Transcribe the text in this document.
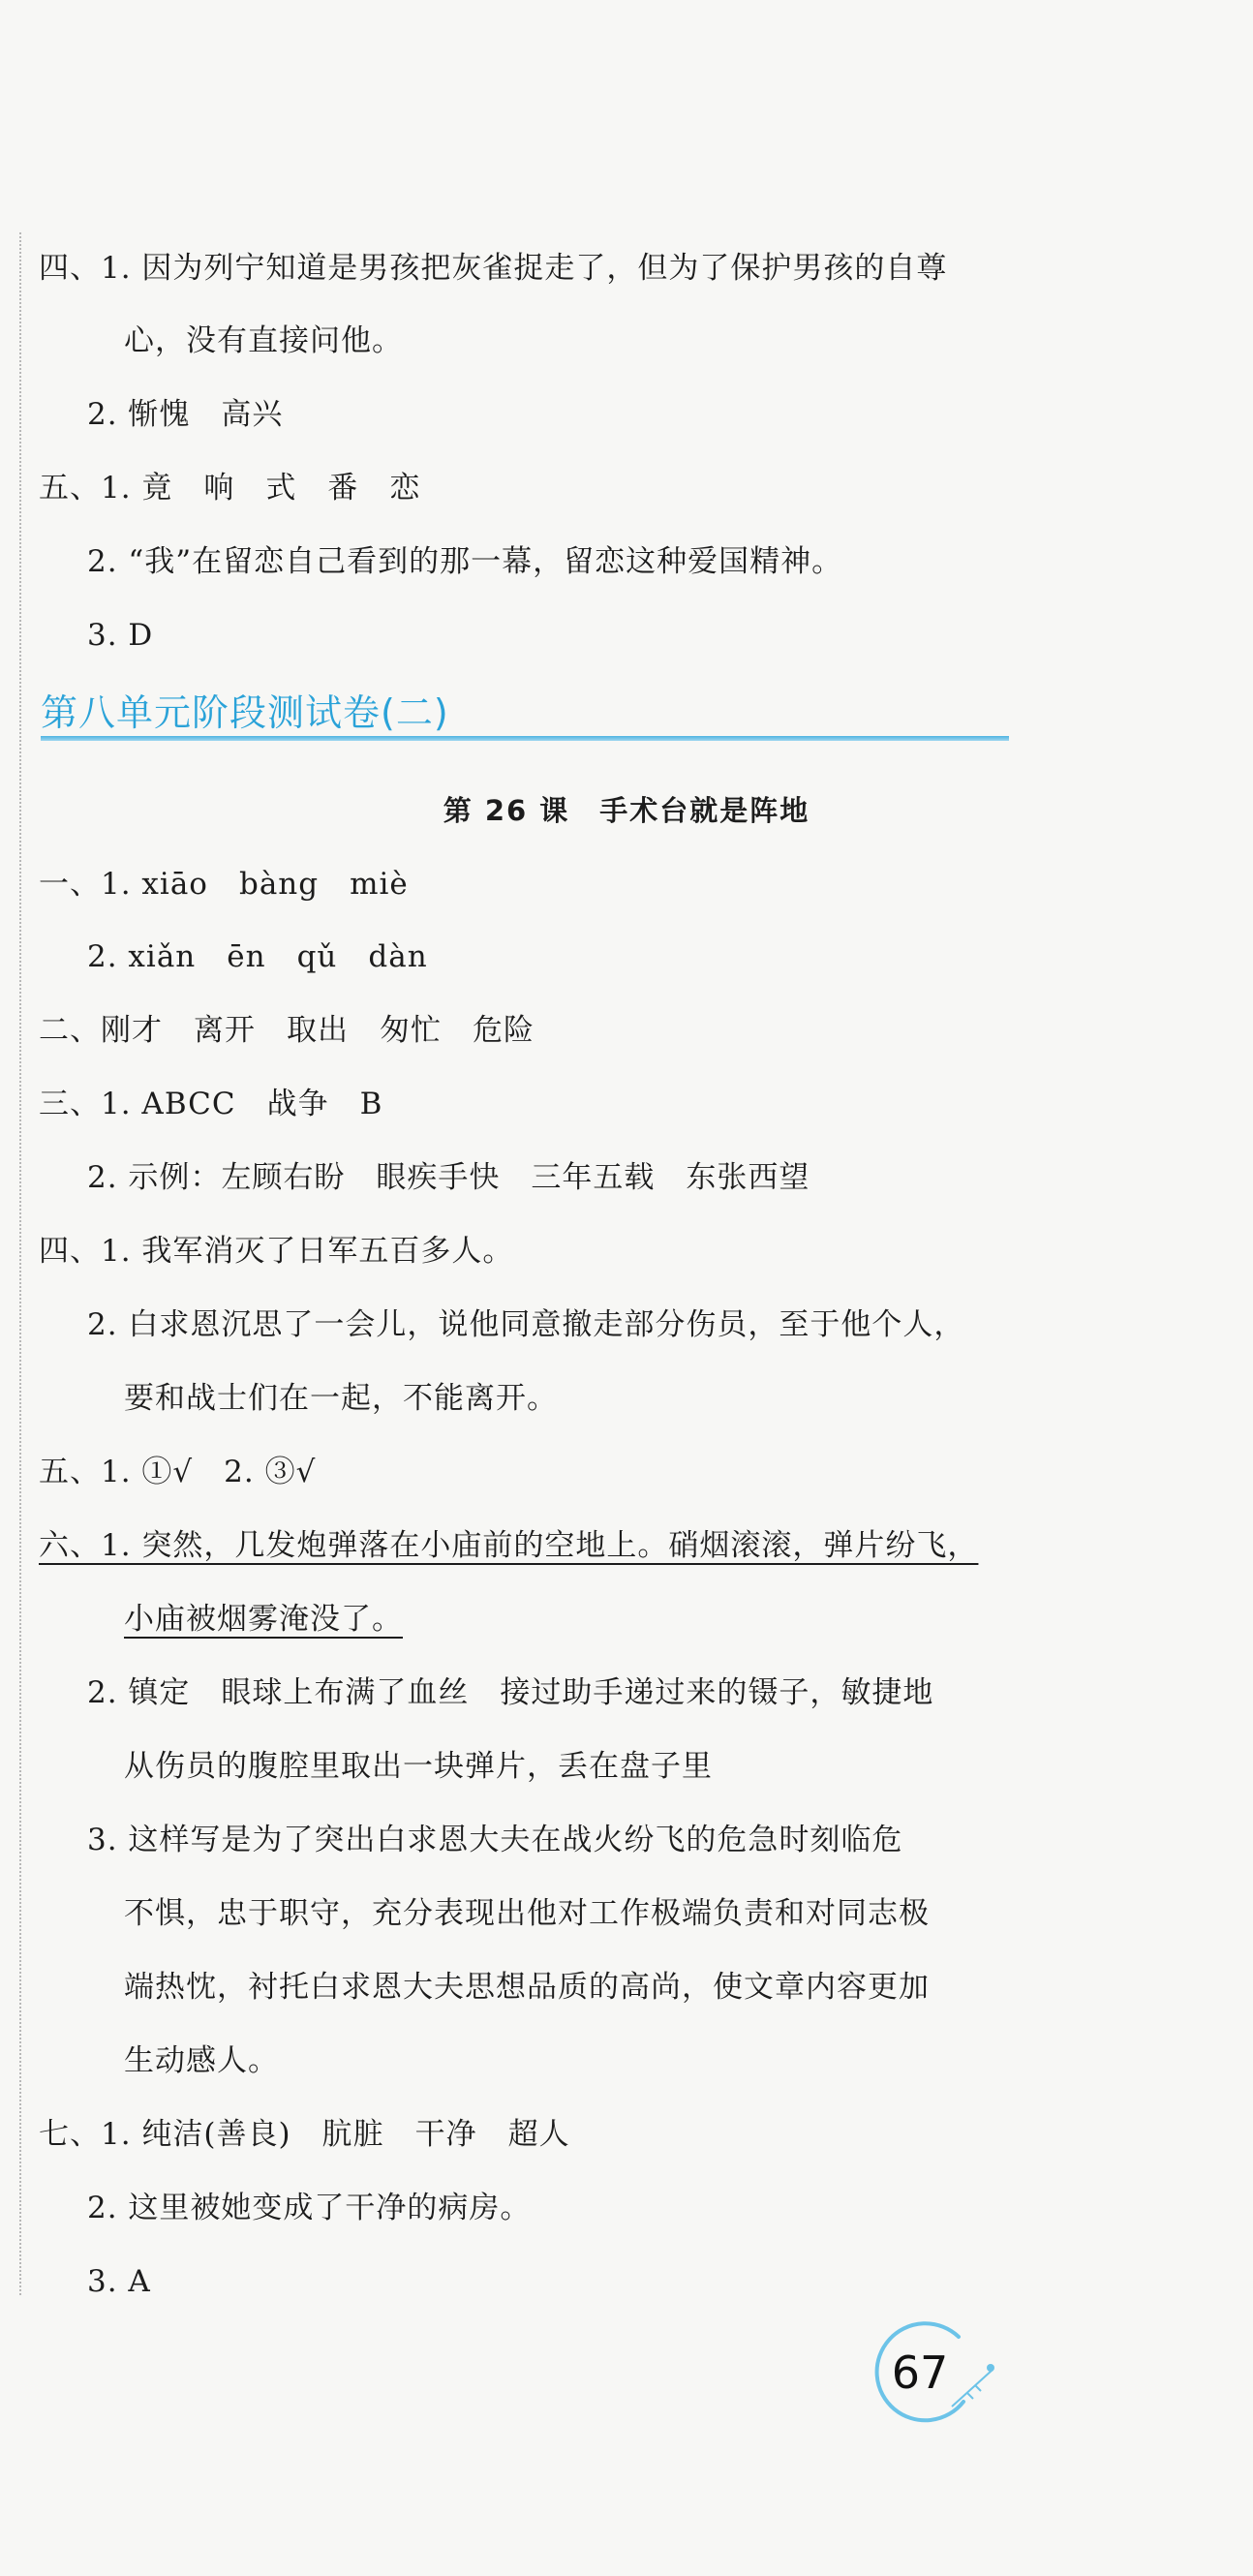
四、1. 因为列宁知道是男孩把灰雀捉走了，但为了保护男孩的自尊
心，没有直接问他。
2. 惭愧　高兴
五、1. 竟　响　式　番　恋
2. “我”在留恋自己看到的那一幕，留恋这种爱国精神。
3. D
第八单元阶段测试卷(二)
第 26 课　手术台就是阵地
一、1. xiāo　bàng　miè
2. xiǎn　ēn　qǔ　dàn
二、刚才　离开　取出　匆忙　危险
三、1. ABCC　战争　B
2. 示例：左顾右盼　眼疾手快　三年五载　东张西望
四、1. 我军消灭了日军五百多人。
2. 白求恩沉思了一会儿，说他同意撤走部分伤员，至于他个人，
要和战士们在一起，不能离开。
五、1. ①√　2. ③√
六、1. 突然，几发炮弹落在小庙前的空地上。硝烟滚滚，弹片纷飞，
小庙被烟雾淹没了。
2. 镇定　眼球上布满了血丝　接过助手递过来的镊子，敏捷地
从伤员的腹腔里取出一块弹片，丢在盘子里
3. 这样写是为了突出白求恩大夫在战火纷飞的危急时刻临危
不惧，忠于职守，充分表现出他对工作极端负责和对同志极
端热忱，衬托白求恩大夫思想品质的高尚，使文章内容更加
生动感人。
七、1. 纯洁(善良)　肮脏　干净　超人
2. 这里被她变成了干净的病房。
3. A
67
